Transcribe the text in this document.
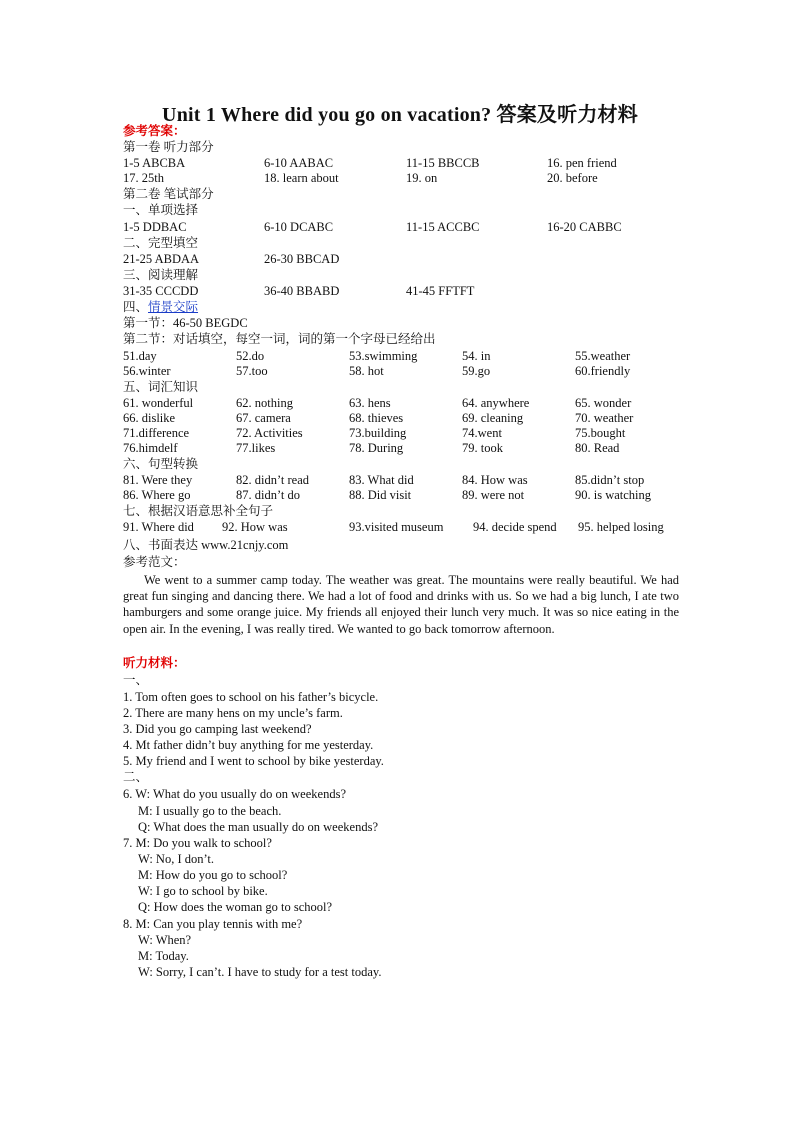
Unit 1 Where did you go on vacation? 答案及听力材料
参考答案：
第一卷 听力部分
1-5 ABCBA	6-10 AABAC	11-15 BBCCB	16. pen friend
17. 25th	18. learn about	19. on	20. before
第二卷 笔试部分
一、单项选择
1-5 DDBAC	6-10 DCABC	11-15 ACCBC	16-20 CABBC
二、完型填空
21-25 ABDAA	26-30 BBCAD
三、阅读理解
31-35 CCCDD	36-40 BBABD	41-45 FFTFT
四、情景交际
第一节：46-50 BEGDC
第二节：对话填空，每空一词，词的第一个字母已经给出
51.day	52.do	53.swimming	54. in	55.weather
56.winter	57.too	58. hot	59.go	60.friendly
五、词汇知识
61. wonderful	62. nothing	63. hens	64. anywhere	65. wonder
66. dislike	67. camera	68. thieves	69. cleaning	70. weather
71.difference	72. Activities	73.building	74.went	75.bought
76.himdelf	77.likes	78. During	79. took	80. Read
六、句型转换
81. Were they	82. didn’t read	83. What did	84. How was	85.didn’t stop
86. Where go	87. didn’t do	88. Did visit	89. were not	90. is watching
七、根据汉语意思补全句子
91. Where did 92. How was	93.visited museum 94. decide spend 95. helped losing
八、书面表达 www.21cnjy.com
参考范文：
We went to a summer camp today. The weather was great. The mountains were really beautiful. We had great fun singing and dancing there. We had a lot of food and drinks with us. So we had a big lunch, I ate two hamburgers and some orange juice. My friends all enjoyed their lunch very much. It was so nice eating in the open air. In the evening, I was really tired. We wanted to go back tomorrow afternoon.
听力材料：
一、
1. Tom often goes to school on his father’s bicycle.
2. There are many hens on my uncle’s farm.
3. Did you go camping last weekend?
4. Mt father didn’t buy anything for me yesterday.
5. My friend and I went to school by bike yesterday.
二、
6. W: What do you usually do on weekends?
M: I usually go to the beach.
Q: What does the man usually do on weekends?
7. M: Do you walk to school?
W: No, I don’t.
M: How do you go to school?
W: I go to school by bike.
Q: How does the woman go to school?
8. M: Can you play tennis with me?
W: When?
M: Today.
W: Sorry, I can’t. I have to study for a test today.
